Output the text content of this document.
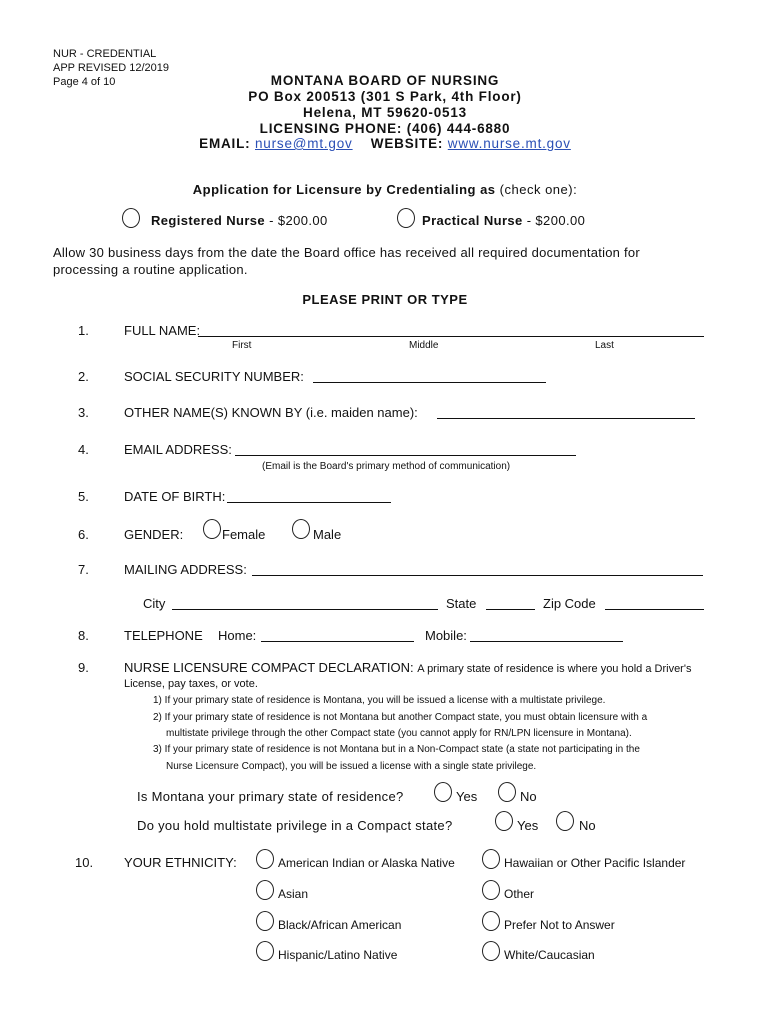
NUR - CREDENTIAL
APP REVISED 12/2019
Page 4 of 10	MONTANA BOARD OF NURSING
PO Box 200513 (301 S Park, 4th Floor)
Helena, MT 59620-0513
LICENSING PHONE: (406) 444-6880
EMAIL: nurse@mt.gov WEBSITE: www.nurse.mt.gov
Application for Licensure by Credentialing as (check one):
Registered Nurse - $200.00	Practical Nurse - $200.00
Allow 30 business days from the date the Board office has received all required documentation for
processing a routine application.
PLEASE PRINT OR TYPE
1.	FULL NAME:
First	Middle	Last
2.	SOCIAL SECURITY NUMBER:
3.	OTHER NAME(S) KNOWN BY (i.e. maiden name):
4.	EMAIL ADDRESS:
(Email is the Board's primary method of communication)
5.	DATE OF BIRTH:
6.	GENDER:	Female	Male
7.	MAILING ADDRESS:
City	State	Zip Code
8.	TELEPHONE Home:	Mobile:
9.	NURSE LICENSURE COMPACT DECLARATION: A primary state of residence is where you hold a Driver's
License, pay taxes, or vote.
1) If your primary state of residence is Montana, you will be issued a license with a multistate privilege.
2) If your primary state of residence is not Montana but another Compact state, you must obtain licensure with a
multistate privilege through the other Compact state (you cannot apply for RN/LPN licensure in Montana).
3) If your primary state of residence is not Montana but in a Non-Compact state (a state not participating in the
Nurse Licensure Compact), you will be issued a license with a single state privilege.
Is Montana your primary state of residence?	Yes	No
Do you hold multistate privilege in a Compact state?	Yes	No
10. YOUR ETHNICITY:	American Indian or Alaska Native	Hawaiian or Other Pacific Islander
Asian	Other
Black/African American	Prefer Not to Answer
Hispanic/Latino Native	White/Caucasian
